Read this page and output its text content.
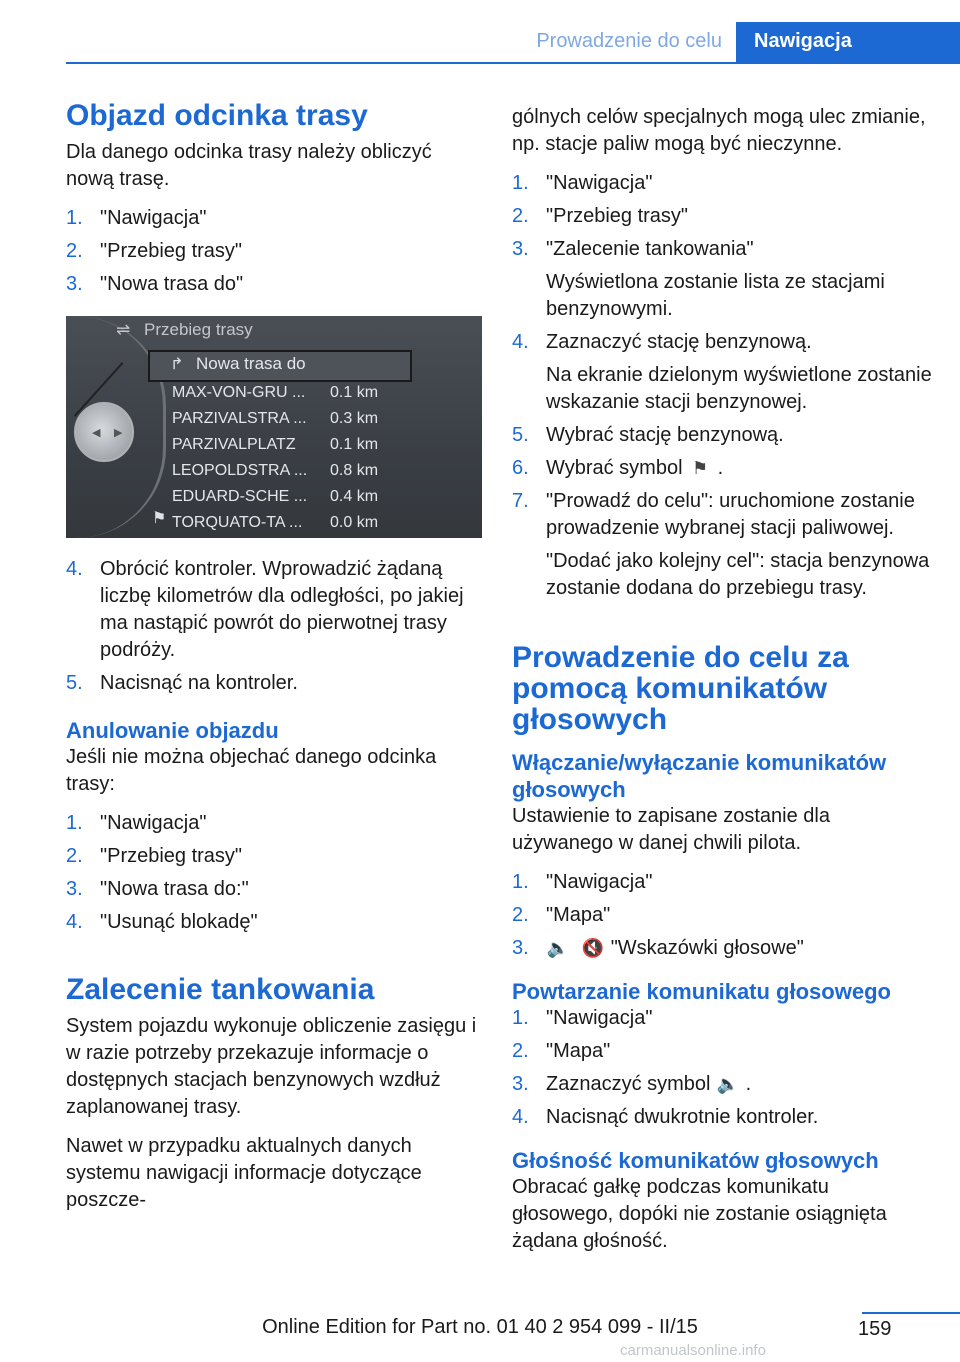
Prowadzenie do celu	Nawigacja
Objazd odcinka trasy

Dla danego odcinka trasy należy obliczyć nową trasę.

1. "Nawigacja"
2. "Przebieg trasy"
3. "Nowa trasa do"
◀ ▶
⇌ Przebieg trasy
↱ Nowa trasa do
MAX-VON-GRU ... 0.1 km
PARZIVALSTRA ... 0.3 km
PARZIVALPLATZ 0.1 km
LEOPOLDSTRA ... 0.8 km
EDUARD-SCHE ... 0.4 km
⚑ TORQUATO-TA ... 0.0 km
4. Obrócić kontroler. Wprowadzić żądaną liczbę kilometrów dla odległości, po jakiej ma nastąpić powrót do pierwotnej trasy podróży.
5. Nacisnąć na kontroler.
Anulowanie objazdu

Jeśli nie można objechać danego odcinka trasy:

1. "Nawigacja"
2. "Przebieg trasy"
3. "Nowa trasa do:"
4. "Usunąć blokadę"
Zalecenie tankowania

System pojazdu wykonuje obliczenie zasięgu i w razie potrzeby przekazuje informacje o dostępnych stacjach benzynowych wzdłuż zaplanowanej trasy.

Nawet w przypadku aktualnych danych systemu nawigacji informacje dotyczące poszcze-

gólnych celów specjalnych mogą ulec zmianie, np. stacje paliw mogą być nieczynne.

1. "Nawigacja"
2. "Przebieg trasy"
3. "Zalecenie tankowania"
Wyświetlona zostanie lista ze stacjami benzynowymi.
4. Zaznaczyć stację benzynową.
Na ekranie dzielonym wyświetlone zostanie wskazanie stacji benzynowej.
5. Wybrać stację benzynową.
6. Wybrać symbol ⚑ .
7. "Prowadź do celu": uruchomione zostanie prowadzenie wybranej stacji paliwowej.
"Dodać jako kolejny cel": stacja benzynowa zostanie dodana do przebiegu trasy.
Prowadzenie do celu za pomocą komunikatów głosowych
Włączanie/wyłączanie komunikatów głosowych

Ustawienie to zapisane zostanie dla używanego w danej chwili pilota.

1. "Nawigacja"
2. "Mapa"
3. 🔈 🔇 "Wskazówki głosowe"
Powtarzanie komunikatu głosowego
1. "Nawigacja"
2. "Mapa"
3. Zaznaczyć symbol 🔈 .
4. Nacisnąć dwukrotnie kontroler.
Głośność komunikatów głosowych

Obracać gałkę podczas komunikatu głosowego, dopóki nie zostanie osiągnięta żądana głośność.

159
Online Edition for Part no. 01 40 2 954 099 - II/15
carmanualsonline.info
